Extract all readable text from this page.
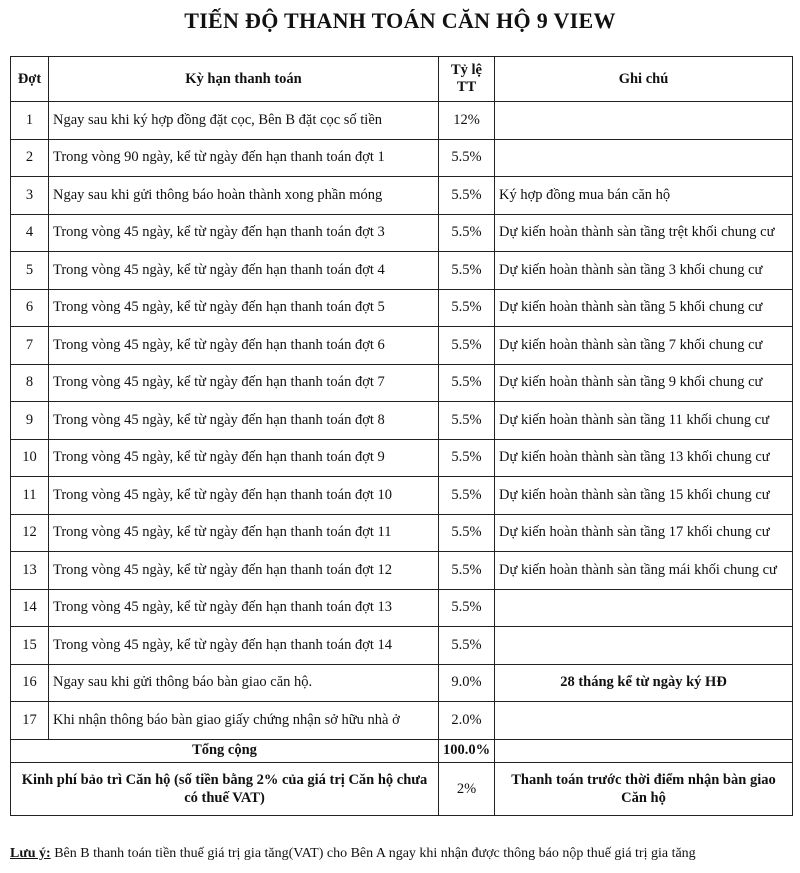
TIẾN ĐỘ THANH TOÁN CĂN HỘ 9 VIEW
Đợt	Kỳ hạn thanh toán	Tỷ lệ TT	Ghi chú
1	Ngay sau khi ký hợp đồng đặt cọc, Bên B đặt cọc số tiền	12%	
2	Trong vòng 90 ngày, kể từ ngày đến hạn thanh toán đợt 1	5.5%	
3	Ngay sau khi gửi thông báo hoàn thành xong phần móng	5.5%	Ký hợp đồng mua bán căn hộ
4	Trong vòng 45 ngày, kể từ ngày đến hạn thanh toán đợt 3	5.5%	Dự kiến hoàn thành sàn tầng trệt khối chung cư
5	Trong vòng 45 ngày, kể từ ngày đến hạn thanh toán đợt 4	5.5%	Dự kiến hoàn thành sàn tầng 3 khối chung cư
6	Trong vòng 45 ngày, kể từ ngày đến hạn thanh toán đợt 5	5.5%	Dự kiến hoàn thành sàn tầng 5 khối chung cư
7	Trong vòng 45 ngày, kể từ ngày đến hạn thanh toán đợt 6	5.5%	Dự kiến hoàn thành sàn tầng 7 khối chung cư
8	Trong vòng 45 ngày, kể từ ngày đến hạn thanh toán đợt 7	5.5%	Dự kiến hoàn thành sàn tầng 9 khối chung cư
9	Trong vòng 45 ngày, kể từ ngày đến hạn thanh toán đợt 8	5.5%	Dự kiến hoàn thành sàn tầng 11 khối chung cư
10	Trong vòng 45 ngày, kể từ ngày đến hạn thanh toán đợt 9	5.5%	Dự kiến hoàn thành sàn tầng 13 khối chung cư
11	Trong vòng 45 ngày, kể từ ngày đến hạn thanh toán đợt 10	5.5%	Dự kiến hoàn thành sàn tầng 15 khối chung cư
12	Trong vòng 45 ngày, kể từ ngày đến hạn thanh toán đợt 11	5.5%	Dự kiến hoàn thành sàn tầng 17 khối chung cư
13	Trong vòng 45 ngày, kể từ ngày đến hạn thanh toán đợt 12	5.5%	Dự kiến hoàn thành sàn tầng mái khối chung cư
14	Trong vòng 45 ngày, kể từ ngày đến hạn thanh toán đợt 13	5.5%	
15	Trong vòng 45 ngày, kể từ ngày đến hạn thanh toán đợt 14	5.5%	
16	Ngay sau khi gửi thông báo bàn giao căn hộ.	9.0%	28 tháng kể từ ngày ký HĐ
17	Khi nhận thông báo bàn giao giấy chứng nhận sở hữu nhà ở	2.0%	
Tổng cộng		100.0%	
Kinh phí bảo trì Căn hộ (số tiền bằng 2% của giá trị Căn hộ chưa có thuế VAT)		2%	Thanh toán trước thời điểm nhận bàn giao Căn hộ
Lưu ý: Bên B thanh toán tiền thuế giá trị gia tăng(VAT) cho Bên A ngay khi nhận được thông báo nộp thuế giá trị gia tăng
